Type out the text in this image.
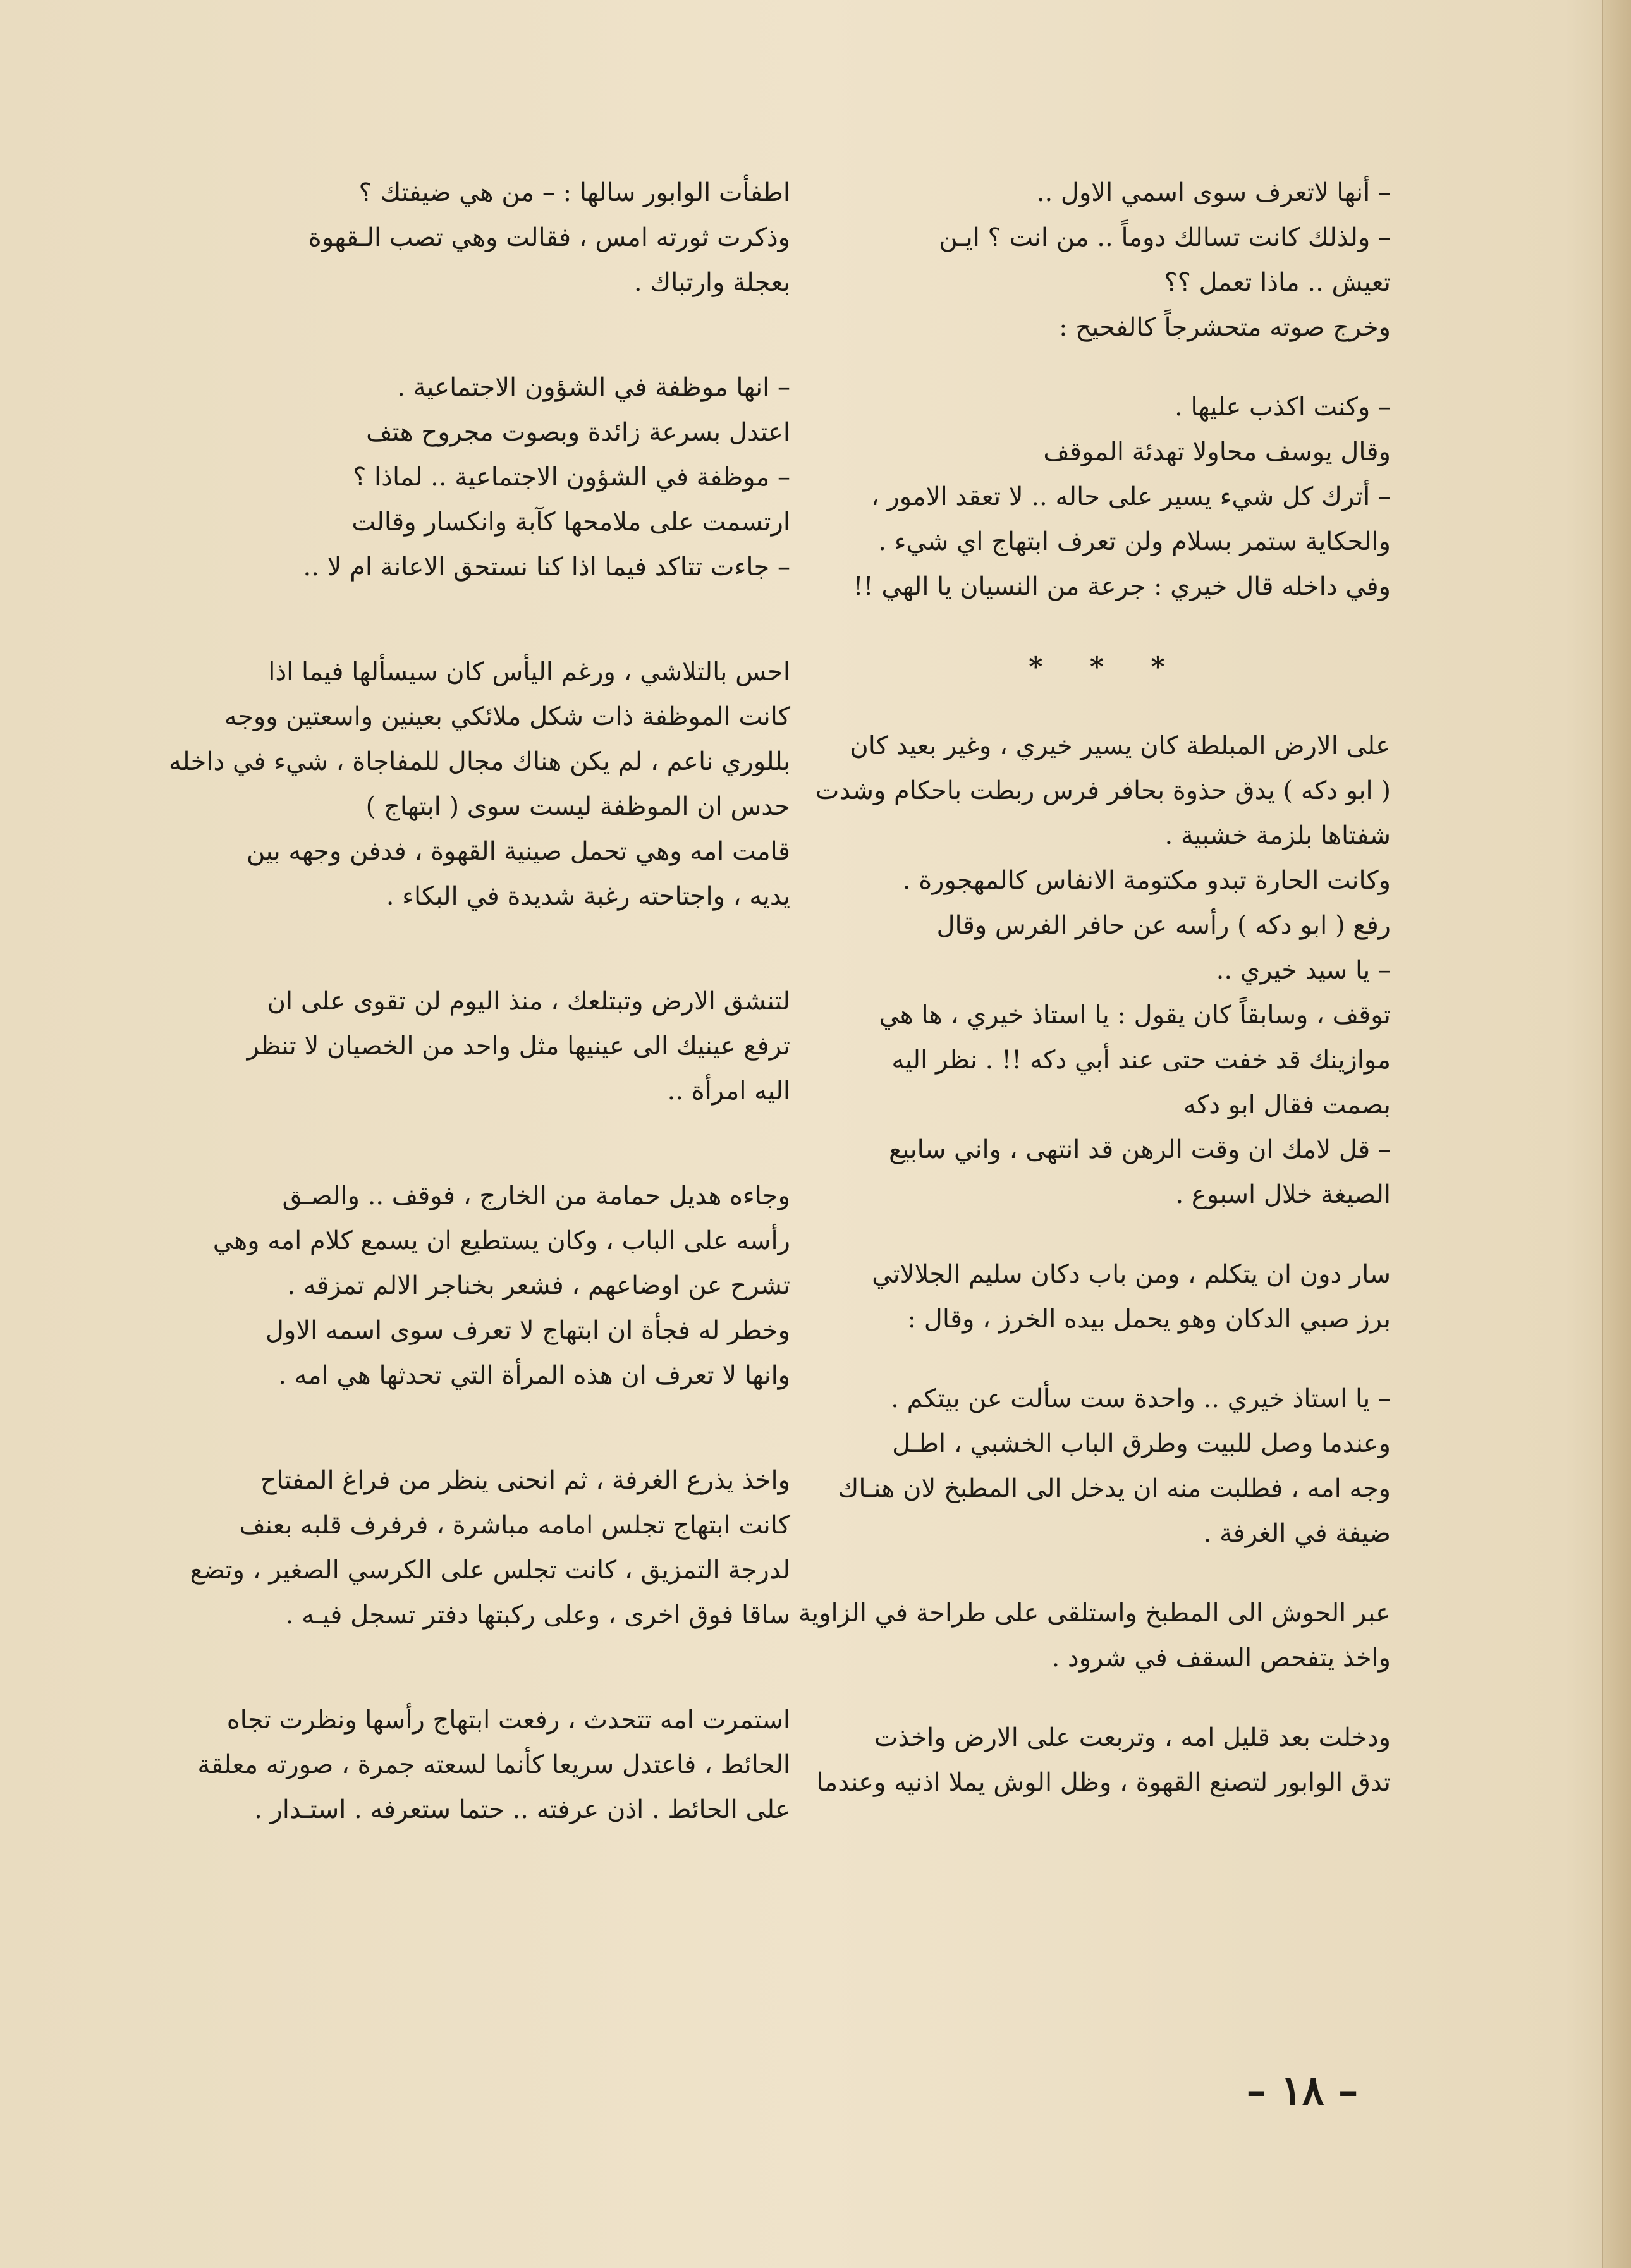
– أنها لاتعرف سوى اسمي الاول ..

– ولذلك كانت تسالك دوماً .. من انت ؟ ايـن

تعيش .. ماذا تعمل ؟؟

وخرج صوته متحشرجاً كالفحيح :

– وكنت اكذب عليها .

وقال يوسف محاولا تهدئة الموقف

– أترك كل شيء يسير على حاله .. لا تعقد الامور ،

والحكاية ستمر بسلام ولن تعرف ابتهاج اي شيء .

وفي داخله قال خيري : جرعة من النسيان يا الهي !!

* * *

على الارض المبلطة كان يسير خيري ، وغير بعيد كان

( ابو دكه ) يدق حذوة بحافر فرس ربطت باحكام وشدت

شفتاها بلزمة خشبية .

وكانت الحارة تبدو مكتومة الانفاس كالمهجورة .

رفع ( ابو دكه ) رأسه عن حافر الفرس وقال

– يا سيد خيري ..

توقف ، وسابقاً كان يقول : يا استاذ خيري ، ها هي

موازينك قد خفت حتى عند أبي دكه !! . نظر اليه

بصمت فقال ابو دكه

– قل لامك ان وقت الرهن قد انتهى ، واني سابيع

الصيغة خلال اسبوع .

سار دون ان يتكلم ، ومن باب دكان سليم الجلالاتي

برز صبي الدكان وهو يحمل بيده الخرز ، وقال :

– يا استاذ خيري .. واحدة ست سألت عن بيتكم .

وعندما وصل للبيت وطرق الباب الخشبي ، اطـل

وجه امه ، فطلبت منه ان يدخل الى المطبخ لان هنـاك

ضيفة في الغرفة .

عبر الحوش الى المطبخ واستلقى على طراحة في الزاوية

واخذ يتفحص السقف في شرود .

ودخلت بعد قليل امه ، وتربعت على الارض واخذت

تدق الوابور لتصنع القهوة ، وظل الوش يملا اذنيه وعندما

اطفأت الوابور سالها : – من هي ضيفتك ؟

وذكرت ثورته امس ، فقالت وهي تصب الـقهوة

بعجلة وارتباك .

– انها موظفة في الشؤون الاجتماعية .

اعتدل بسرعة زائدة وبصوت مجروح هتف

– موظفة في الشؤون الاجتماعية .. لماذا ؟

ارتسمت على ملامحها كآبة وانكسار وقالت

– جاءت تتاكد فيما اذا كنا نستحق الاعانة ام لا ..

احس بالتلاشي ، ورغم اليأس كان سيسألها فيما اذا

كانت الموظفة ذات شكل ملائكي بعينين واسعتين ووجه

بللوري ناعم ، لم يكن هناك مجال للمفاجاة ، شيء في داخله

حدس ان الموظفة ليست سوى ( ابتهاج )

قامت امه وهي تحمل صينية القهوة ، فدفن وجهه بين

يديه ، واجتاحته رغبة شديدة في البكاء .

لتنشق الارض وتبتلعك ، منذ اليوم لن تقوى على ان

ترفع عينيك الى عينيها مثل واحد من الخصيان لا تنظر

اليه امرأة ..

وجاءه هديل حمامة من الخارج ، فوقف .. والصـق

رأسه على الباب ، وكان يستطيع ان يسمع كلام امه وهي

تشرح عن اوضاعهم ، فشعر بخناجر الالم تمزقه .

وخطر له فجأة ان ابتهاج لا تعرف سوى اسمه الاول

وانها لا تعرف ان هذه المرأة التي تحدثها هي امه .

واخذ يذرع الغرفة ، ثم انحنى ينظر من فراغ المفتاح

كانت ابتهاج تجلس امامه مباشرة ، فرفرف قلبه بعنف

لدرجة التمزيق ، كانت تجلس على الكرسي الصغير ، وتضع

ساقا فوق اخرى ، وعلى ركبتها دفتر تسجل فيـه .

استمرت امه تتحدث ، رفعت ابتهاج رأسها ونظرت تجاه

الحائط ، فاعتدل سريعا كأنما لسعته جمرة ، صورته معلقة

على الحائط . اذن عرفته .. حتما ستعرفه . استـدار .

– ١٨ –
